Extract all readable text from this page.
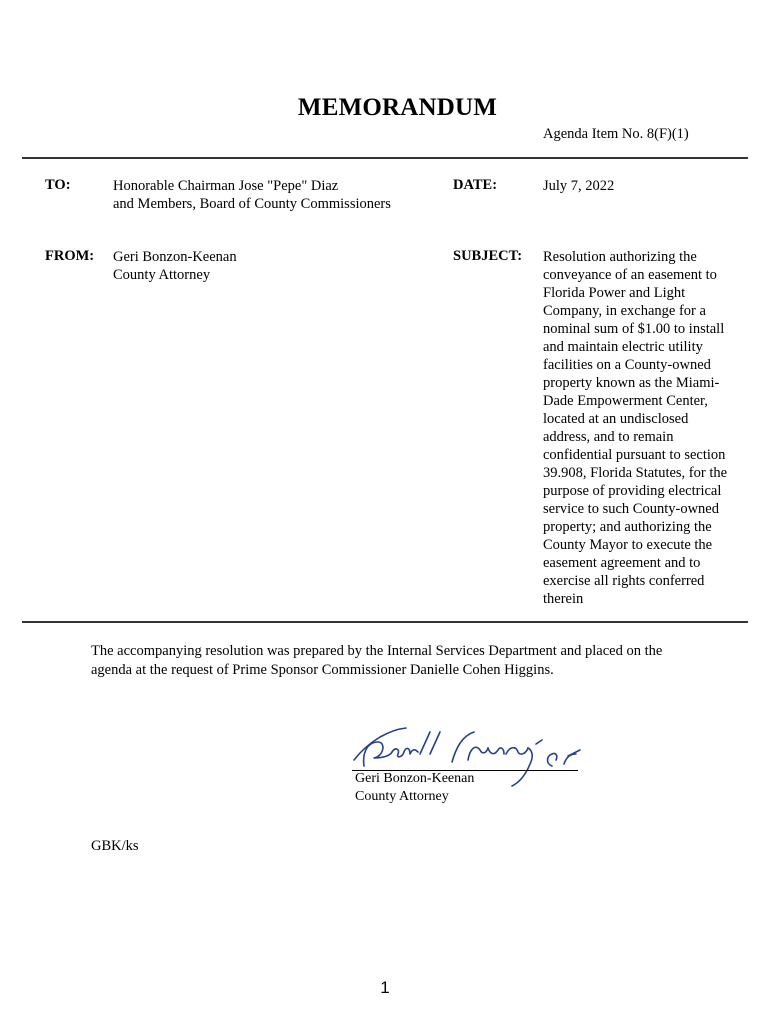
MEMORANDUM
Agenda Item No. 8(F)(1)
TO:	Honorable Chairman Jose "Pepe" Diaz
and Members, Board of County Commissioners
DATE:	July 7, 2022
FROM: Geri Bonzon-Keenan
County Attorney
SUBJECT: Resolution authorizing the
conveyance of an easement to
Florida Power and Light
Company, in exchange for a
nominal sum of $1.00 to install
and maintain electric utility
facilities on a County-owned
property known as the Miami-
Dade Empowerment Center,
located at an undisclosed
address, and to remain
confidential pursuant to section
39.908, Florida Statutes, for the
purpose of providing electrical
service to such County-owned
property; and authorizing the
County Mayor to execute the
easement agreement and to
exercise all rights conferred
therein
The accompanying resolution was prepared by the Internal Services Department and placed on the
agenda at the request of Prime Sponsor Commissioner Danielle Cohen Higgins.
Geri Bonzon-Keenan
County Attorney
GBK/ks
1
